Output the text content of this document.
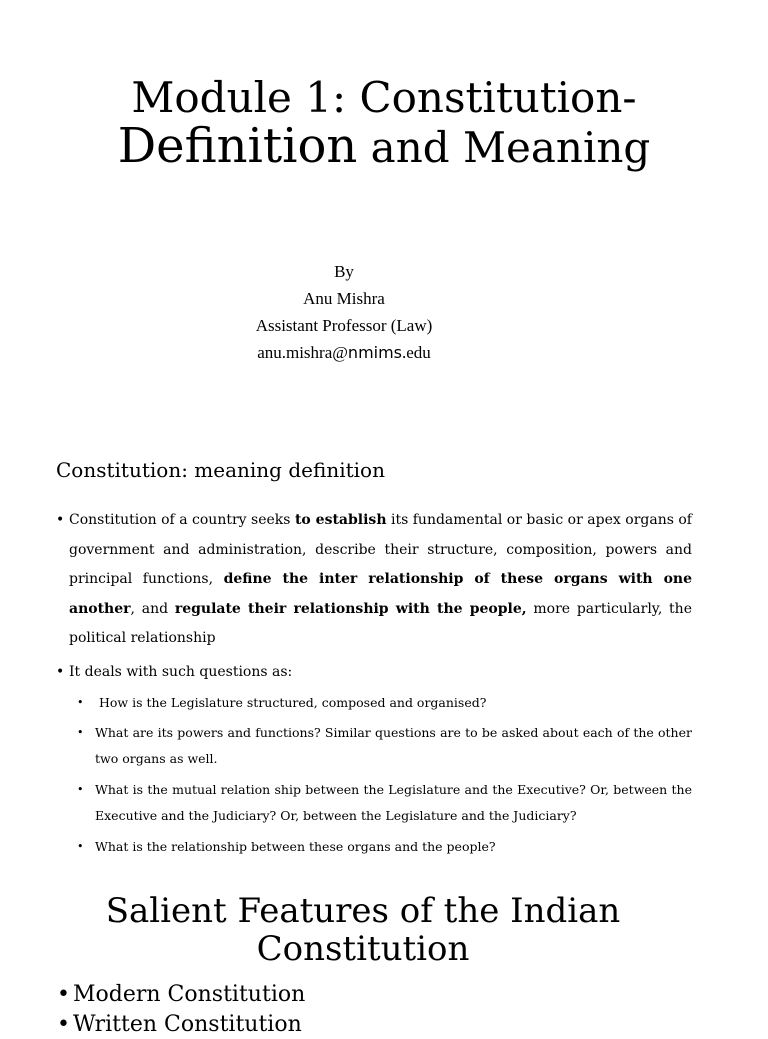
Module 1: Constitution-
Definition and Meaning
By
Anu Mishra
Assistant Professor (Law)
anu.mishra@nmims.edu
Constitution: meaning definition
• Constitution of a country seeks to establish its fundamental or basic or apex organs of government and administration, describe their structure, composition, powers and principal functions, define the inter relationship of these organs with one another, and regulate their relationship with the people, more particularly, the political relationship
• It deals with such questions as:
• How is the Legislature structured, composed and organised?
• What are its powers and functions? Similar questions are to be asked about each of the other two organs as well.
• What is the mutual relation ship between the Legislature and the Executive? Or, between the Executive and the Judiciary? Or, between the Legislature and the Judiciary?
• What is the relationship between these organs and the people?
Salient Features of the Indian Constitution
• Modern Constitution
• Written Constitution
